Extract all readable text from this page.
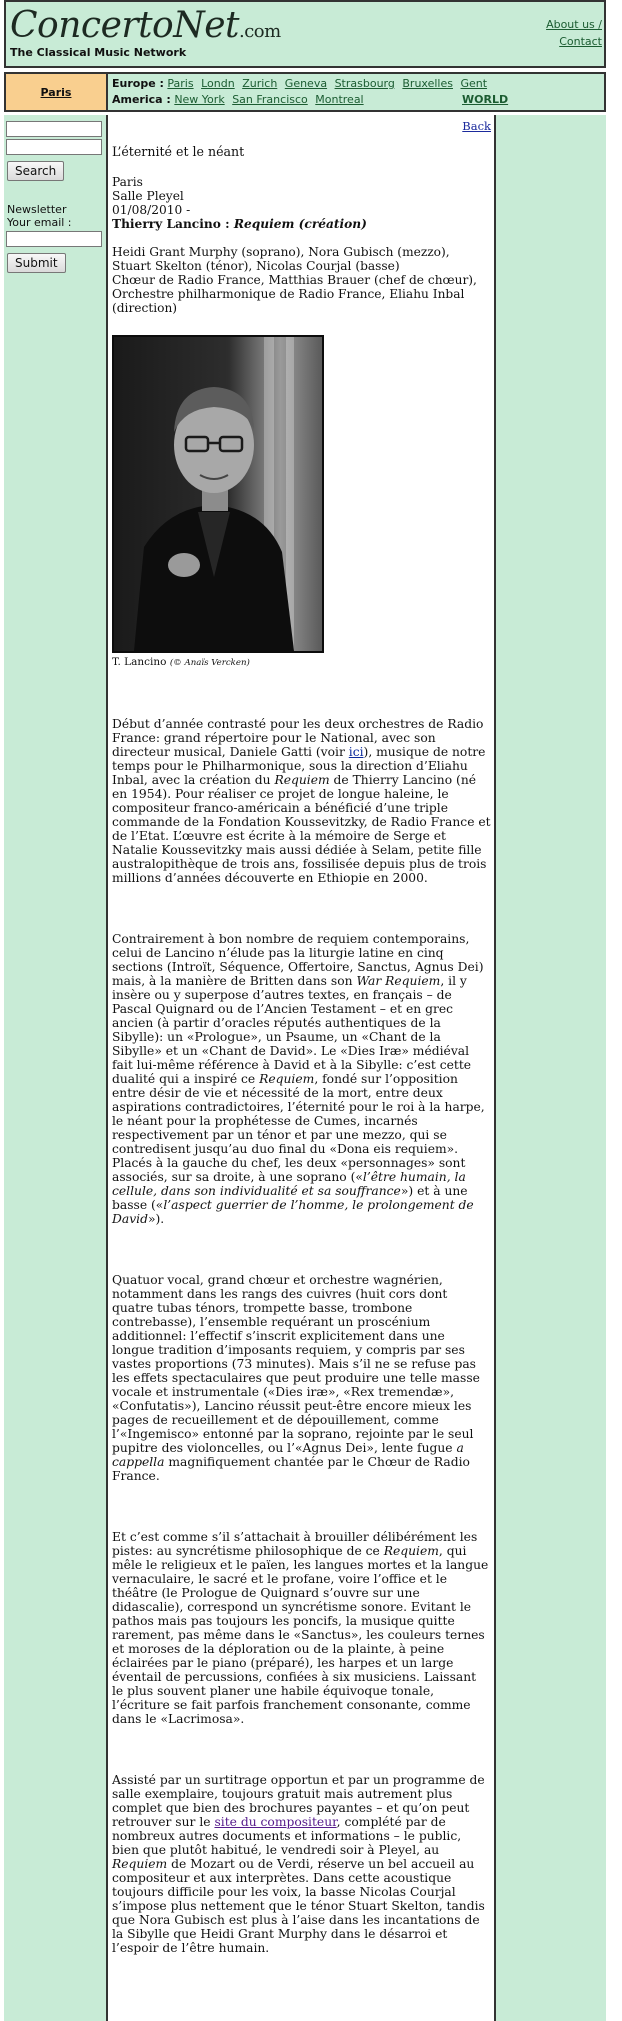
ConcertoNet.com
The Classical Music Network
About us /
Contact
Paris
Europe : Paris Londn Zurich Geneva Strasbourg Bruxelles Gent
America : New York San Francisco Montreal	WORLD
Search
Newsletter
Your email :
Submit
Back
L’éternité et le néant
Paris
Salle Pleyel
01/08/2010 -
Thierry Lancino : Requiem (création)
Heidi Grant Murphy (soprano), Nora Gubisch (mezzo), Stuart Skelton (ténor), Nicolas Courjal (basse)
Chœur de Radio France, Matthias Brauer (chef de chœur), Orchestre philharmonique de Radio France, Eliahu Inbal (direction)
T. Lancino (© Anaïs Vercken)
Début d’année contrasté pour les deux orchestres de Radio France: grand répertoire pour le National, avec son directeur musical, Daniele Gatti (voir ici), musique de notre temps pour le Philharmonique, sous la direction d’Eliahu Inbal, avec la création du Requiem de Thierry Lancino (né en 1954). Pour réaliser ce projet de longue haleine, le compositeur franco-américain a bénéficié d’une triple commande de la Fondation Koussevitzky, de Radio France et de l’Etat. L’œuvre est écrite à la mémoire de Serge et Natalie Koussevitzky mais aussi dédiée à Selam, petite fille australopithèque de trois ans, fossilisée depuis plus de trois millions d’années découverte en Ethiopie en 2000.
Contrairement à bon nombre de requiem contemporains, celui de Lancino n’élude pas la liturgie latine en cinq sections (Introït, Séquence, Offertoire, Sanctus, Agnus Dei) mais, à la manière de Britten dans son War Requiem, il y insère ou y superpose d’autres textes, en français – de Pascal Quignard ou de l’Ancien Testament – et en grec ancien (à partir d’oracles réputés authentiques de la Sibylle): un «Prologue», un Psaume, un «Chant de la Sibylle» et un «Chant de David». Le «Dies Iræ» médiéval fait lui-même référence à David et à la Sibylle: c’est cette dualité qui a inspiré ce Requiem, fondé sur l’opposition entre désir de vie et nécessité de la mort, entre deux aspirations contradictoires, l’éternité pour le roi à la harpe, le néant pour la prophétesse de Cumes, incarnés respectivement par un ténor et par une mezzo, qui se contredisent jusqu’au duo final du «Dona eis requiem». Placés à la gauche du chef, les deux «personnages» sont associés, sur sa droite, à une soprano («l’être humain, la cellule, dans son individualité et sa souffrance») et à une basse («l’aspect guerrier de l’homme, le prolongement de David»).
Quatuor vocal, grand chœur et orchestre wagnérien, notamment dans les rangs des cuivres (huit cors dont quatre tubas ténors, trompette basse, trombone contrebasse), l’ensemble requérant un proscénium additionnel: l’effectif s’inscrit explicitement dans une longue tradition d’imposants requiem, y compris par ses vastes proportions (73 minutes). Mais s’il ne se refuse pas les effets spectaculaires que peut produire une telle masse vocale et instrumentale («Dies iræ», «Rex tremendæ», «Confutatis»), Lancino réussit peut-être encore mieux les pages de recueillement et de dépouillement, comme l’«Ingemisco» entonné par la soprano, rejointe par le seul pupitre des violoncelles, ou l’«Agnus Dei», lente fugue a cappella magnifiquement chantée par le Chœur de Radio France.
Et c’est comme s’il s’attachait à brouiller délibérément les pistes: au syncrétisme philosophique de ce Requiem, qui mêle le religieux et le païen, les langues mortes et la langue vernaculaire, le sacré et le profane, voire l’office et le théâtre (le Prologue de Quignard s’ouvre sur une didascalie), correspond un syncrétisme sonore. Evitant le pathos mais pas toujours les poncifs, la musique quitte rarement, pas même dans le «Sanctus», les couleurs ternes et moroses de la déploration ou de la plainte, à peine éclairées par le piano (préparé), les harpes et un large éventail de percussions, confiées à six musiciens. Laissant le plus souvent planer une habile équivoque tonale, l’écriture se fait parfois franchement consonante, comme dans le «Lacrimosa».
Assisté par un surtitrage opportun et par un programme de salle exemplaire, toujours gratuit mais autrement plus complet que bien des brochures payantes – et qu’on peut retrouver sur le site du compositeur, complété par de nombreux autres documents et informations – le public, bien que plutôt habitué, le vendredi soir à Pleyel, au Requiem de Mozart ou de Verdi, réserve un bel accueil au compositeur et aux interprètes. Dans cette acoustique toujours difficile pour les voix, la basse Nicolas Courjal s’impose plus nettement que le ténor Stuart Skelton, tandis que Nora Gubisch est plus à l’aise dans les incantations de la Sibylle que Heidi Grant Murphy dans le désarroi et l’espoir de l’être humain.
